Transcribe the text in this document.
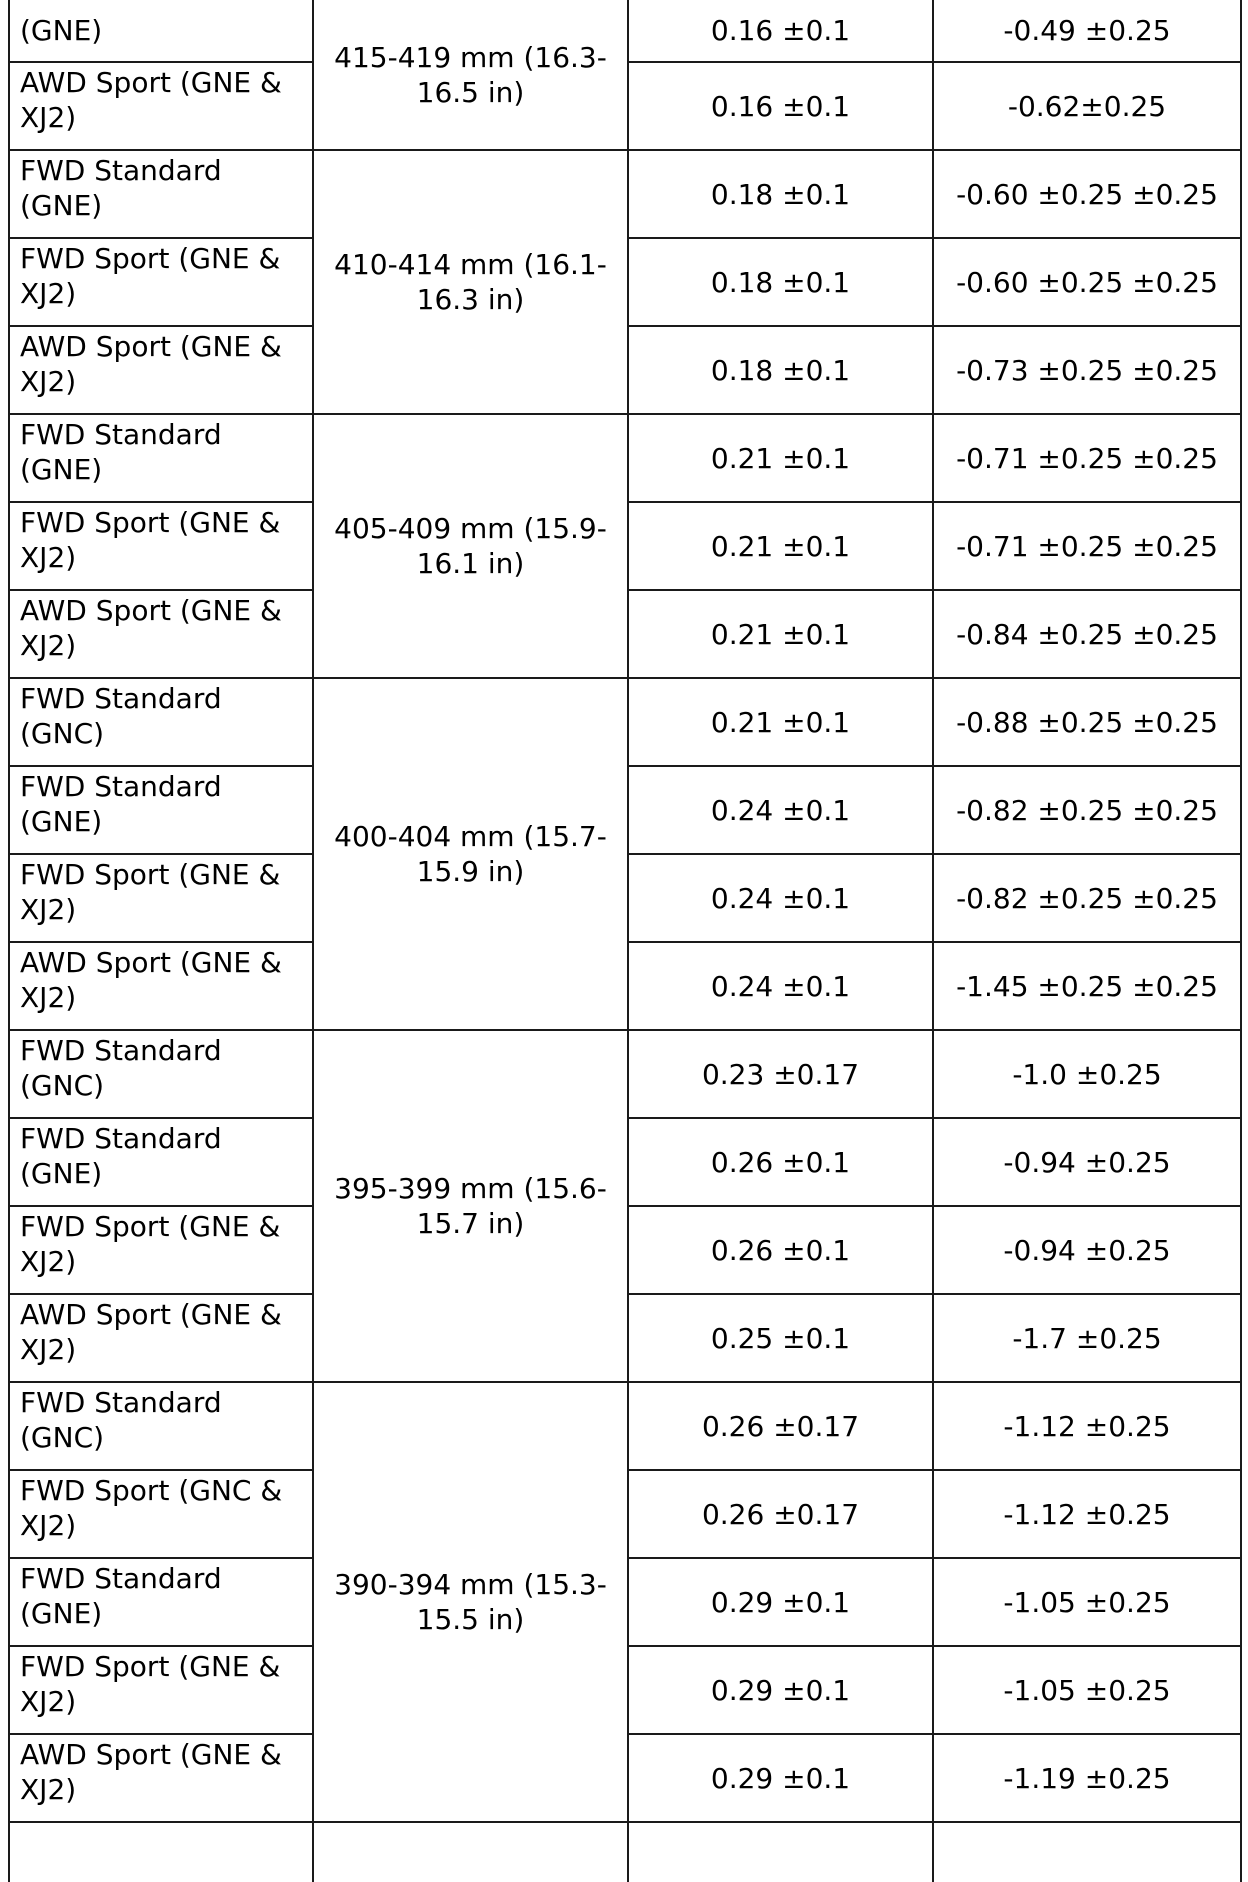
(GNE)	415-419 mm (16.3-16.5 in)	0.16 ±0.1	-0.49 ±0.25
AWD Sport (GNE & XJ2)		0.16 ±0.1	-0.62±0.25
FWD Standard (GNE)	410-414 mm (16.1-16.3 in)	0.18 ±0.1	-0.60 ±0.25 ±0.25
FWD Sport (GNE & XJ2)		0.18 ±0.1	-0.60 ±0.25 ±0.25
AWD Sport (GNE & XJ2)		0.18 ±0.1	-0.73 ±0.25 ±0.25
FWD Standard (GNE)	405-409 mm (15.9-16.1 in)	0.21 ±0.1	-0.71 ±0.25 ±0.25
FWD Sport (GNE & XJ2)		0.21 ±0.1	-0.71 ±0.25 ±0.25
AWD Sport (GNE & XJ2)		0.21 ±0.1	-0.84 ±0.25 ±0.25
FWD Standard (GNC)	400-404 mm (15.7-15.9 in)	0.21 ±0.1	-0.88 ±0.25 ±0.25
FWD Standard (GNE)		0.24 ±0.1	-0.82 ±0.25 ±0.25
FWD Sport (GNE & XJ2)		0.24 ±0.1	-0.82 ±0.25 ±0.25
AWD Sport (GNE & XJ2)		0.24 ±0.1	-1.45 ±0.25 ±0.25
FWD Standard (GNC)	395-399 mm (15.6-15.7 in)	0.23 ±0.17	-1.0 ±0.25
FWD Standard (GNE)		0.26 ±0.1	-0.94 ±0.25
FWD Sport (GNE & XJ2)		0.26 ±0.1	-0.94 ±0.25
AWD Sport (GNE & XJ2)		0.25 ±0.1	-1.7 ±0.25
FWD Standard (GNC)	390-394 mm (15.3-15.5 in)	0.26 ±0.17	-1.12 ±0.25
FWD Sport (GNC & XJ2)		0.26 ±0.17	-1.12 ±0.25
FWD Standard (GNE)		0.29 ±0.1	-1.05 ±0.25
FWD Sport (GNE & XJ2)		0.29 ±0.1	-1.05 ±0.25
AWD Sport (GNE & XJ2)		0.29 ±0.1	-1.19 ±0.25
